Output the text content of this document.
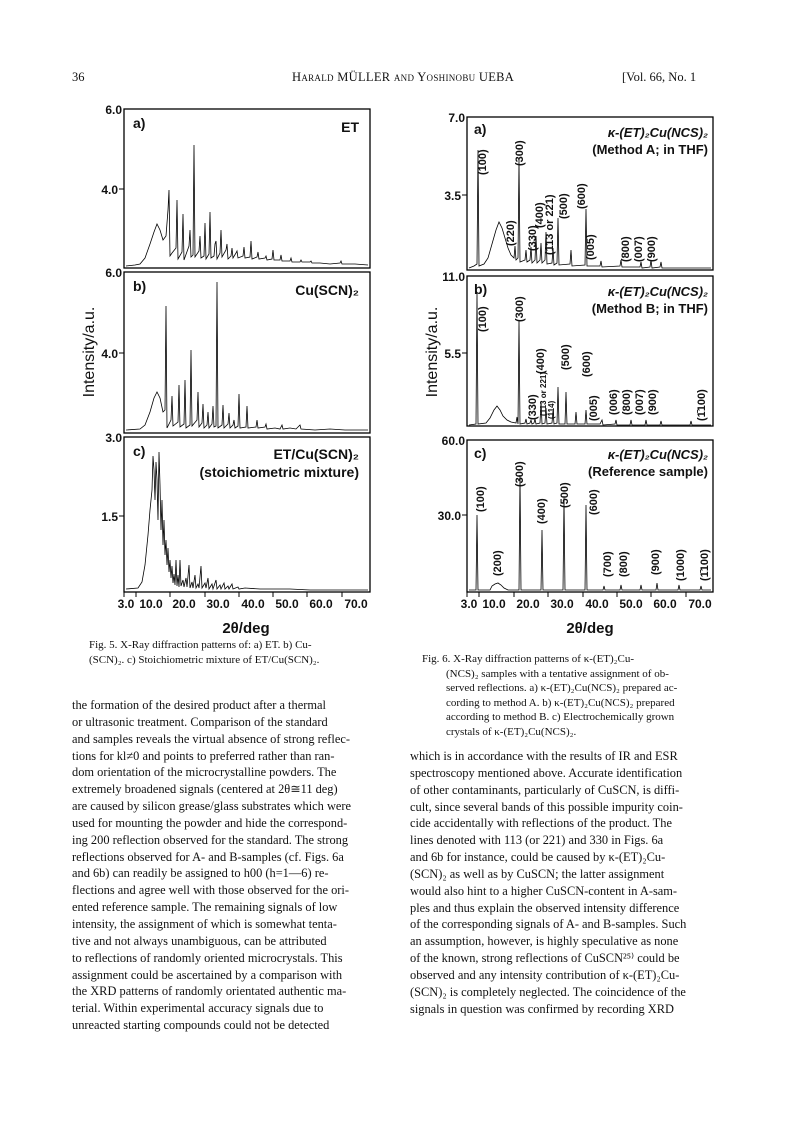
36	Harald MÜLLER and Yoshinobu UEBA	[Vol. 66, No. 1
Intensity/a.u.
a)	ET
6.0
4.0
b)	Cu(SCN)₂
6.0
4.0
c)	ET/Cu(SCN)₂
(stoichiometric mixture)
3.0
1.5
3.0 10.0 20.0 30.0 40.0 50.0 60.0 70.0
2θ/deg
Fig. 5. X-Ray diffraction patterns of: a) ET. b) Cu-
(SCN)₂. c) Stoichiometric mixture of ET/Cu(SCN)₂.
Intensity/a.u.
a)	κ-(ET)₂Cu(NCS)₂
(Method A; in THF)
7.0
3.5
(100)
(220)
(300)
(330)
(400)
(113 or 221) (500) (600)
(005) (800) (007) (900)
b)	κ-(ET)₂Cu(NCS)₂
(Method B; in THF)
11.0
5.5
(100) (300)
(330) (113 or 221) (114)
(400) (500) (600)
(005) (006) (800) (007) (900)	(1̄100)
c)	κ-(ET)₂Cu(NCS)₂
(Reference sample)
60.0
30.0
(100)
(200)
(300)
(400)
(500) (600)
(700) (800) (900) (1000) (1̄100)
3.0 10.0 20.0 30.0 40.0 50.0 60.0 70.0
2θ/deg
Fig. 6. X-Ray diffraction patterns of κ-(ET)₂Cu-
(NCS)₂ samples with a tentative assignment of ob-
served reflections. a) κ-(ET)₂Cu(NCS)₂ prepared ac-
cording to method A. b) κ-(ET)₂Cu(NCS)₂ prepared
according to method B. c) Electrochemically grown
crystals of κ-(ET)₂Cu(NCS)₂.

the formation of the desired product after a thermal

or ultrasonic treatment. Comparison of the standard

and samples reveals the virtual absence of strong reflec-

tions for kl≠0 and points to preferred rather than ran-

dom orientation of the microcrystalline powders. The

extremely broadened signals (centered at 2θ≅11 deg)

are caused by silicon grease/glass substrates which were

used for mounting the powder and hide the correspond-

ing 200 reflection observed for the standard. The strong

reflections observed for A- and B-samples (cf. Figs. 6a

and 6b) can readily be assigned to h00 (h=1—6) re-

flections and agree well with those observed for the ori-

ented reference sample. The remaining signals of low

intensity, the assignment of which is somewhat tenta-

tive and not always unambiguous, can be attributed

to reflections of randomly oriented microcrystals. This

assignment could be ascertained by a comparison with

the XRD patterns of randomly orientated authentic ma-

terial. Within experimental accuracy signals due to

unreacted starting compounds could not be detected

which is in accordance with the results of IR and ESR

spectroscopy mentioned above. Accurate identification

of other contaminants, particularly of CuSCN, is diffi-

cult, since several bands of this possible impurity coin-

cide accidentally with reflections of the product. The

lines denoted with 113 (or 221) and 330 in Figs. 6a

and 6b for instance, could be caused by κ-(ET)₂Cu-

(SCN)₂ as well as by CuSCN; the latter assignment

would also hint to a higher CuSCN-content in A-sam-

ples and thus explain the observed intensity difference

of the corresponding signals of A- and B-samples. Such

an assumption, however, is highly speculative as none

of the known, strong reflections of CuSCN²⁵⁾ could be

observed and any intensity contribution of κ-(ET)₂Cu-

(SCN)₂ is completely neglected. The coincidence of the

signals in question was confirmed by recording XRD
